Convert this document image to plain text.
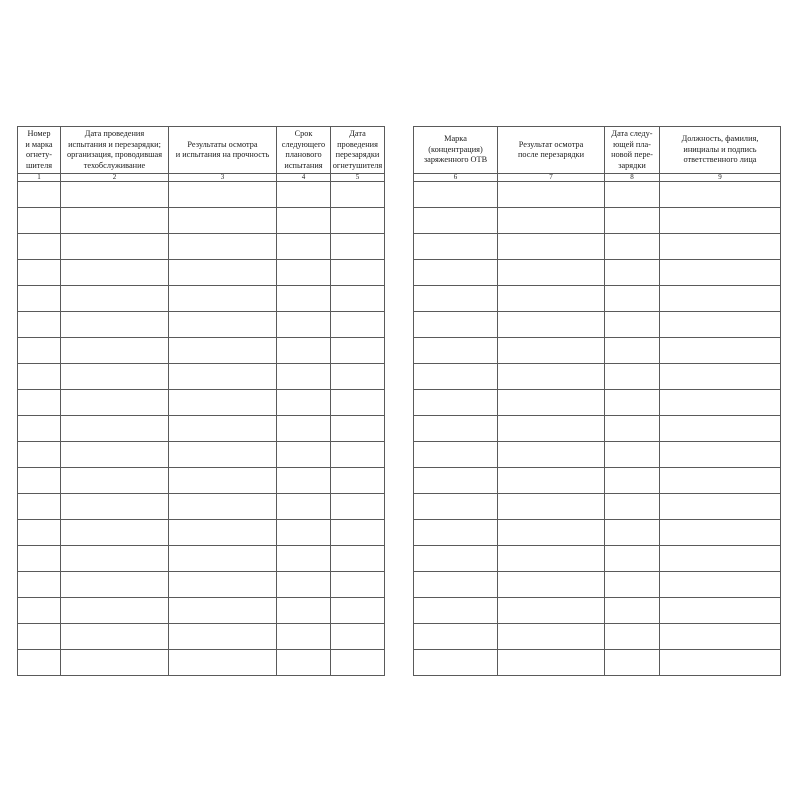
Номер
и марка
огнету-
шителя	Дата проведения
испытания и перезарядки;
организация, проводившая
техобслуживание	Результаты осмотра
и испытания на прочность	Срок
следующего
планового
испытания	Дата
проведения
перезарядки
огнетушителя
1	2	3	4	5

Марка
(концентрация)
заряженного ОТВ	Результат осмотра
после перезарядки	Дата следу-
ющей пла-
новой пере-
зарядки	Должность, фамилия,
инициалы и подпись
ответственного лица
6	7	8	9
